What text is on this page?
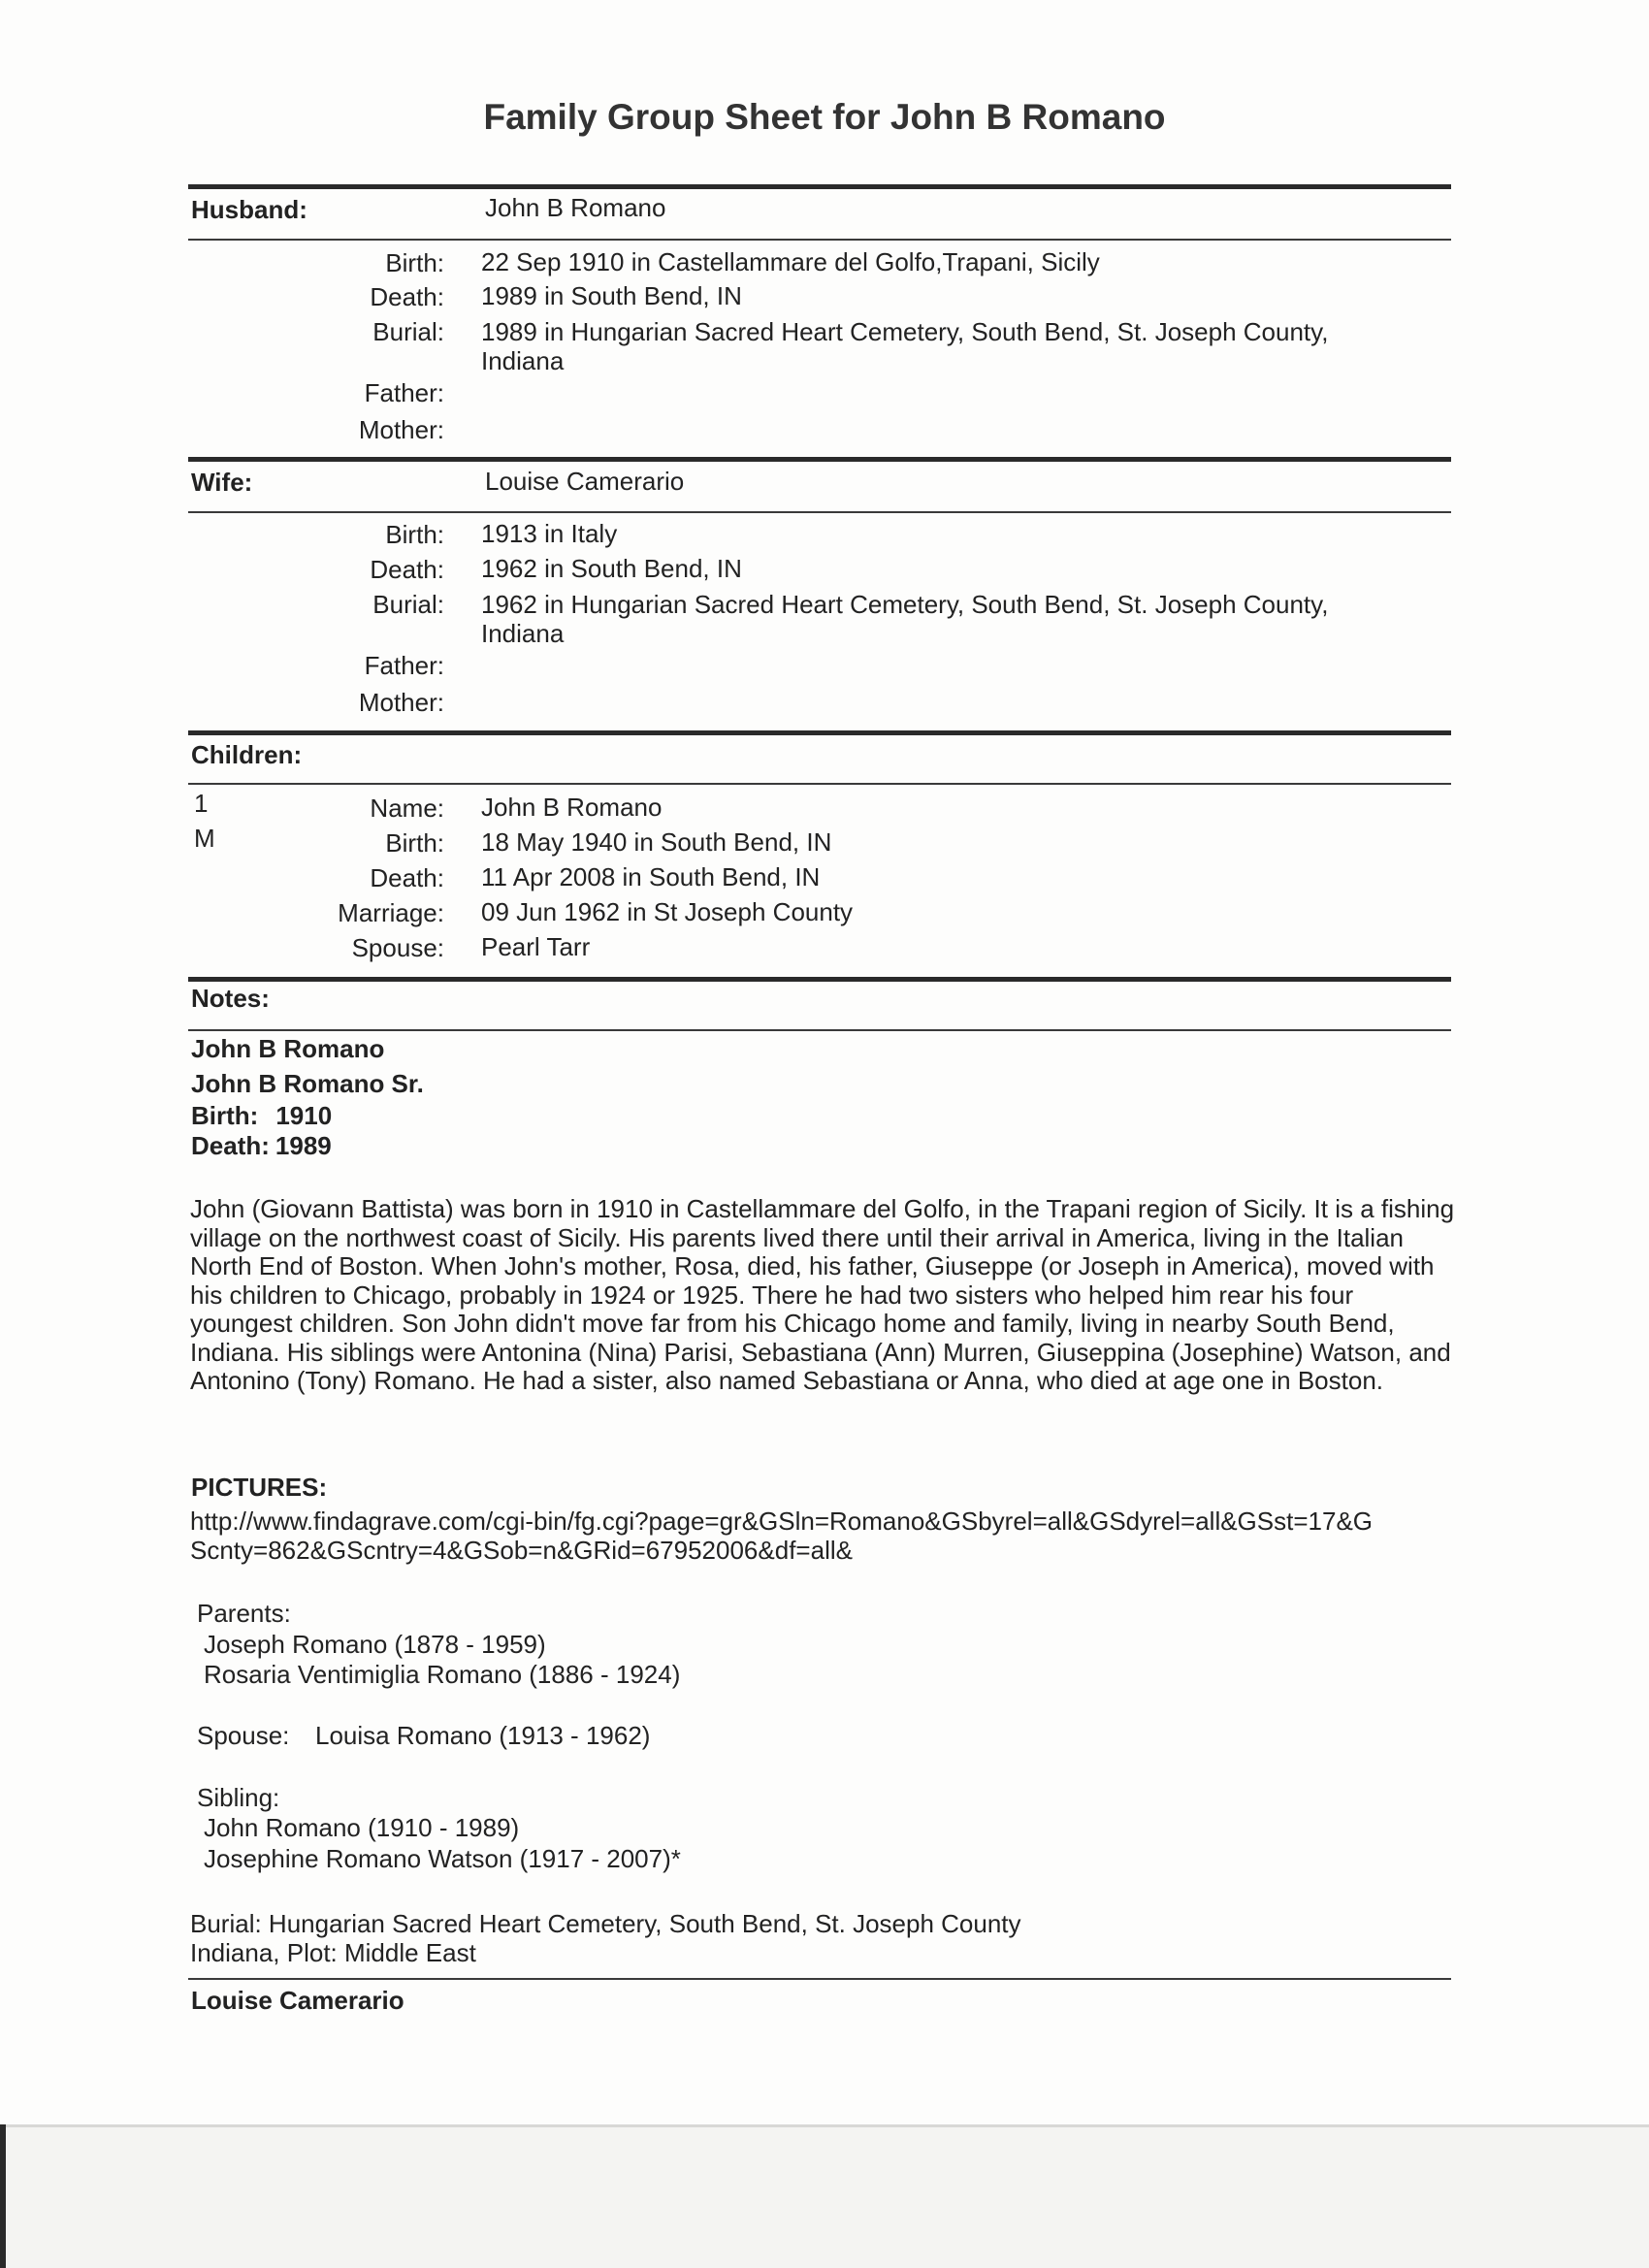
Family Group Sheet for John B Romano
Husband:	John B Romano
Birth: 22 Sep 1910 in Castellammare del Golfo,Trapani, Sicily
Death: 1989 in South Bend, IN
Burial: 1989 in Hungarian Sacred Heart Cemetery, South Bend, St. Joseph County,
Indiana
Father:
Mother:
Wife:	Louise Camerario
Birth: 1913 in Italy
Death: 1962 in South Bend, IN
Burial: 1962 in Hungarian Sacred Heart Cemetery, South Bend, St. Joseph County,
Indiana
Father:
Mother:
Children:
1
M
Name: John B Romano
Birth: 18 May 1940 in South Bend, IN
Death: 11 Apr 2008 in South Bend, IN
Marriage: 09 Jun 1962 in St Joseph County
Spouse: Pearl Tarr
Notes:
John B Romano
John B Romano Sr.
Birth: 1910
Death: 1989
John (Giovann Battista) was born in 1910 in Castellammare del Golfo, in the Trapani region of Sicily. It is a fishing village on the northwest coast of Sicily. His parents lived there until their arrival in America, living in the Italian North End of Boston. When John's mother, Rosa, died, his father, Giuseppe (or Joseph in America), moved with his children to Chicago, probably in 1924 or 1925. There he had two sisters who helped him rear his four youngest children. Son John didn't move far from his Chicago home and family, living in nearby South Bend, Indiana. His siblings were Antonina (Nina) Parisi, Sebastiana (Ann) Murren, Giuseppina (Josephine) Watson, and Antonino (Tony) Romano. He had a sister, also named Sebastiana or Anna, who died at age one in Boston.
PICTURES:
http://www.findagrave.com/cgi-bin/fg.cgi?page=gr&GSln=Romano&GSbyrel=all&GSdyrel=all&GSst=17&G
Scnty=862&GScntry=4&GSob=n&GRid=67952006&df=all&
Parents:
Joseph Romano (1878 - 1959)
Rosaria Ventimiglia Romano (1886 - 1924)
Spouse: Louisa Romano (1913 - 1962)
Sibling:
John Romano (1910 - 1989)
Josephine Romano Watson (1917 - 2007)*
Burial: Hungarian Sacred Heart Cemetery, South Bend, St. Joseph County
Indiana, Plot: Middle East
Louise Camerario
